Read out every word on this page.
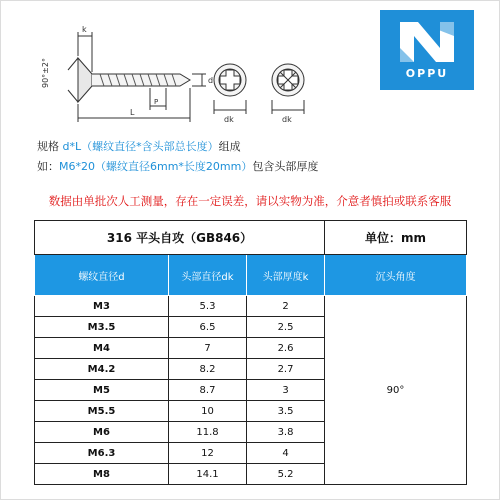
90°±2°
k
L
P
d
dk	dk
OPPU
规格 d*L（螺纹直径*含头部总长度）组成
如：M6*20（螺纹直径6mm*长度20mm）包含头部厚度
数据由单批次人工测量，存在一定误差，请以实物为准，介意者慎拍或联系客服
316 平头自攻（GB846）			单位：mm
螺纹直径d	头部直径dk	头部厚度k	沉头角度
M3	5.3	2	90°
M3.5	6.5	2.5	
M4	7	2.6	
M4.2	8.2	2.7	
M5	8.7	3	
M5.5	10	3.5	
M6	11.8	3.8	
M6.3	12	4	
M8	14.1	5.2	
